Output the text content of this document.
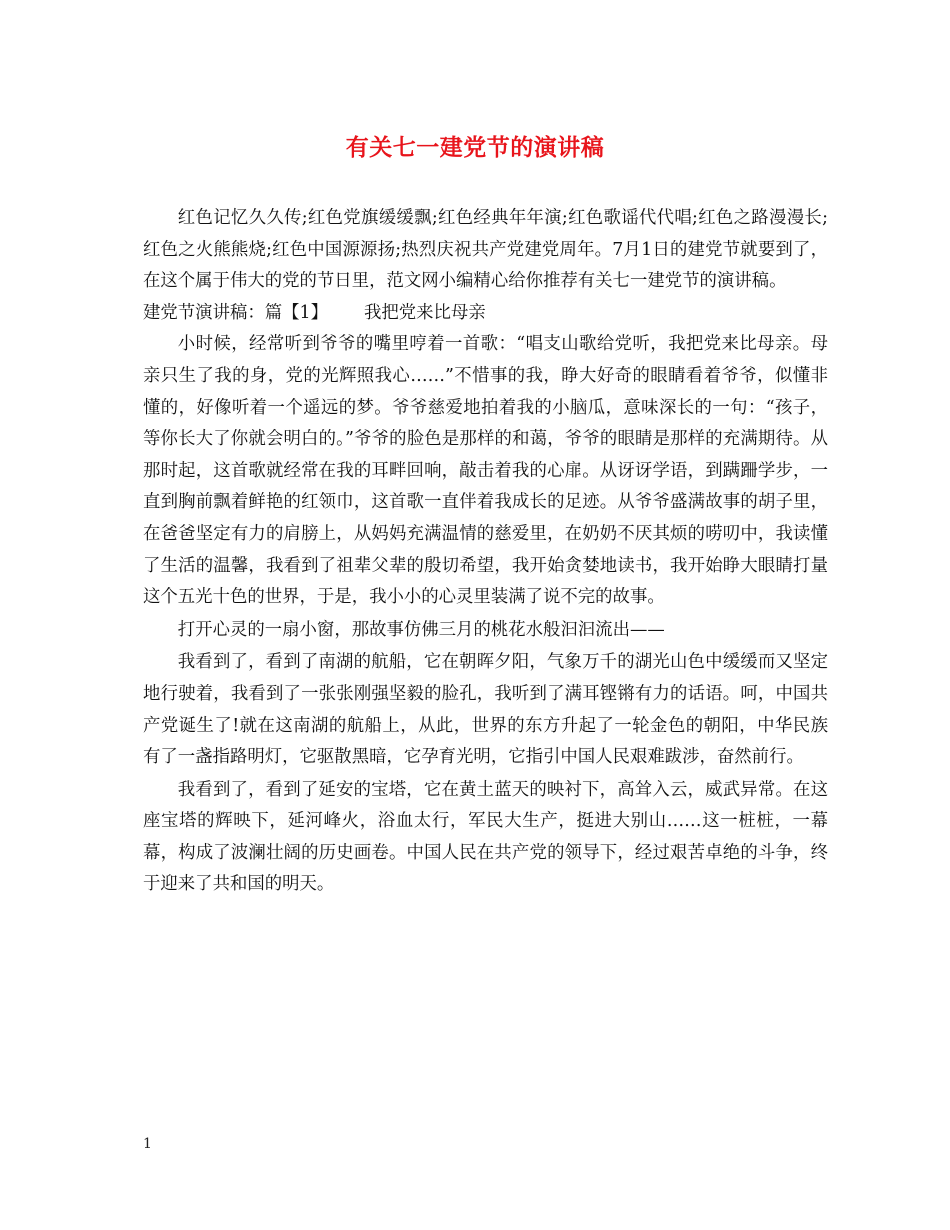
有关七一建党节的演讲稿

红色记忆久久传;红色党旗缓缓飘;红色经典年年演;红色歌谣代代唱;红色之路漫漫长;红色之火熊熊烧;红色中国源源扬;热烈庆祝共产党建党周年。7月1日的建党节就要到了，在这个属于伟大的党的节日里，范文网小编精心给你推荐有关七一建党节的演讲稿。

建党节演讲稿：篇【1】 我把党来比母亲

小时候，经常听到爷爷的嘴里哼着一首歌：“唱支山歌给党听，我把党来比母亲。母亲只生了我的身，党的光辉照我心……”不惜事的我，睁大好奇的眼睛看着爷爷，似懂非懂的，好像听着一个遥远的梦。爷爷慈爱地拍着我的小脑瓜，意味深长的一句：“孩子，等你长大了你就会明白的。”爷爷的脸色是那样的和蔼，爷爷的眼睛是那样的充满期待。从那时起，这首歌就经常在我的耳畔回响，敲击着我的心扉。从讶讶学语，到蹒跚学步，一直到胸前飘着鲜艳的红领巾，这首歌一直伴着我成长的足迹。从爷爷盛满故事的胡子里，在爸爸坚定有力的肩膀上，从妈妈充满温情的慈爱里，在奶奶不厌其烦的唠叨中，我读懂了生活的温馨，我看到了祖辈父辈的殷切希望，我开始贪婪地读书，我开始睁大眼睛打量这个五光十色的世界，于是，我小小的心灵里装满了说不完的故事。

打开心灵的一扇小窗，那故事仿佛三月的桃花水般汩汩流出——

我看到了，看到了南湖的航船，它在朝晖夕阳，气象万千的湖光山色中缓缓而又坚定地行驶着，我看到了一张张刚强坚毅的脸孔，我听到了满耳铿锵有力的话语。呵，中国共产党诞生了!就在这南湖的航船上，从此，世界的东方升起了一轮金色的朝阳，中华民族有了一盏指路明灯，它驱散黑暗，它孕育光明，它指引中国人民艰难跋涉，奋然前行。

我看到了，看到了延安的宝塔，它在黄土蓝天的映衬下，高耸入云，威武异常。在这座宝塔的辉映下，延河峰火，浴血太行，军民大生产，挺进大别山……这一桩桩，一幕幕，构成了波澜壮阔的历史画卷。中国人民在共产党的领导下，经过艰苦卓绝的斗争，终于迎来了共和国的明天。

1
